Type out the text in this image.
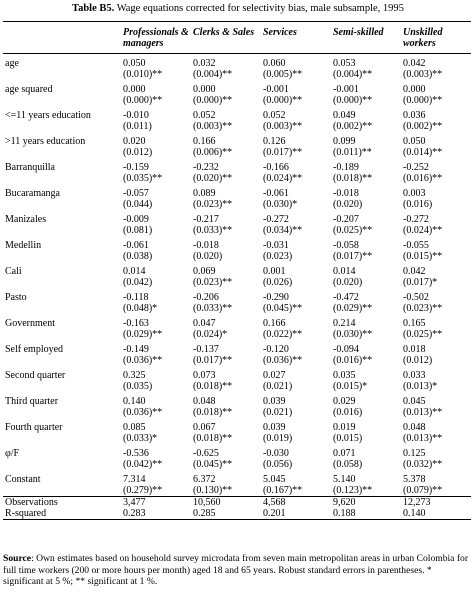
Table B5. Wage equations corrected for selectivity bias, male subsample, 1995
	Professionals & managers	Clerks & Sales	Services	Semi-skilled	Unskilled workers
age	0.050	0.032	0.060	0.053	0.042
	(0.010)**	(0.004)**	(0.005)**	(0.004)**	(0.003)**
age squared	0.000	0.000	-0.001	-0.001	0.000
	(0.000)**	(0.000)**	(0.000)**	(0.000)**	(0.000)**
<=11 years education	-0.010	0.052	0.052	0.049	0.036
	(0.011)	(0.003)**	(0.003)**	(0.002)**	(0.002)**
>11 years education	0.020	0.166	0.126	0.099	0.050
	(0.012)	(0.006)**	(0.017)**	(0.011)**	(0.014)**
Barranquilla	-0.159	-0.232	-0.166	-0.189	-0.252
	(0.035)**	(0.020)**	(0.024)**	(0.018)**	(0.016)**
Bucaramanga	-0.057	0.089	-0.061	-0.018	0.003
	(0.044)	(0.023)**	(0.030)*	(0.020)	(0.016)
Manizales	-0.009	-0.217	-0.272	-0.207	-0.272
	(0.081)	(0.033)**	(0.034)**	(0.025)**	(0.024)**
Medellin	-0.061	-0.018	-0.031	-0.058	-0.055
	(0.038)	(0.020)	(0.023)	(0.017)**	(0.015)**
Cali	0.014	0.069	0.001	0.014	0.042
	(0.042)	(0.023)**	(0.026)	(0.020)	(0.017)*
Pasto	-0.118	-0.206	-0.290	-0.472	-0.502
	(0.048)*	(0.033)**	(0.045)**	(0.029)**	(0.023)**
Government	-0.163	0.047	0.166	0.214	0.165
	(0.029)**	(0.024)*	(0.022)**	(0.030)**	(0.025)**
Self employed	-0.149	-0.137	-0.120	-0.094	0.018
	(0.036)**	(0.017)**	(0.036)**	(0.016)**	(0.012)
Second quarter	0.325	0.073	0.027	0.035	0.033
	(0.035)	(0.018)**	(0.021)	(0.015)*	(0.013)*
Third quarter	0.140	0.048	0.039	0.029	0.045
	(0.036)**	(0.018)**	(0.021)	(0.016)	(0.013)**
Fourth quarter	0.085	0.067	0.039	0.019	0.048
	(0.033)*	(0.018)**	(0.019)	(0.015)	(0.013)**
φ/F	-0.536	-0.625	-0.030	0.071	0.125
	(0.042)**	(0.045)**	(0.056)	(0.058)	(0.032)**
Constant	7.314	6.372	5.045	5.140	5.378
	(0.279)**	(0.130)**	(0.167)**	(0.123)**	(0.079)**
Observations	3,477	10,560	4,568	9,620	12,273
R-squared	0.283	0.285	0.201	0.188	0.140
Source: Own estimates based on household survey microdata from seven main metropolitan areas in urban Colombia for full time workers (200 or more hours per month) aged 18 and 65 years. Robust standard errors in parentheses. * significant at 5 %; ** significant at 1 %.
